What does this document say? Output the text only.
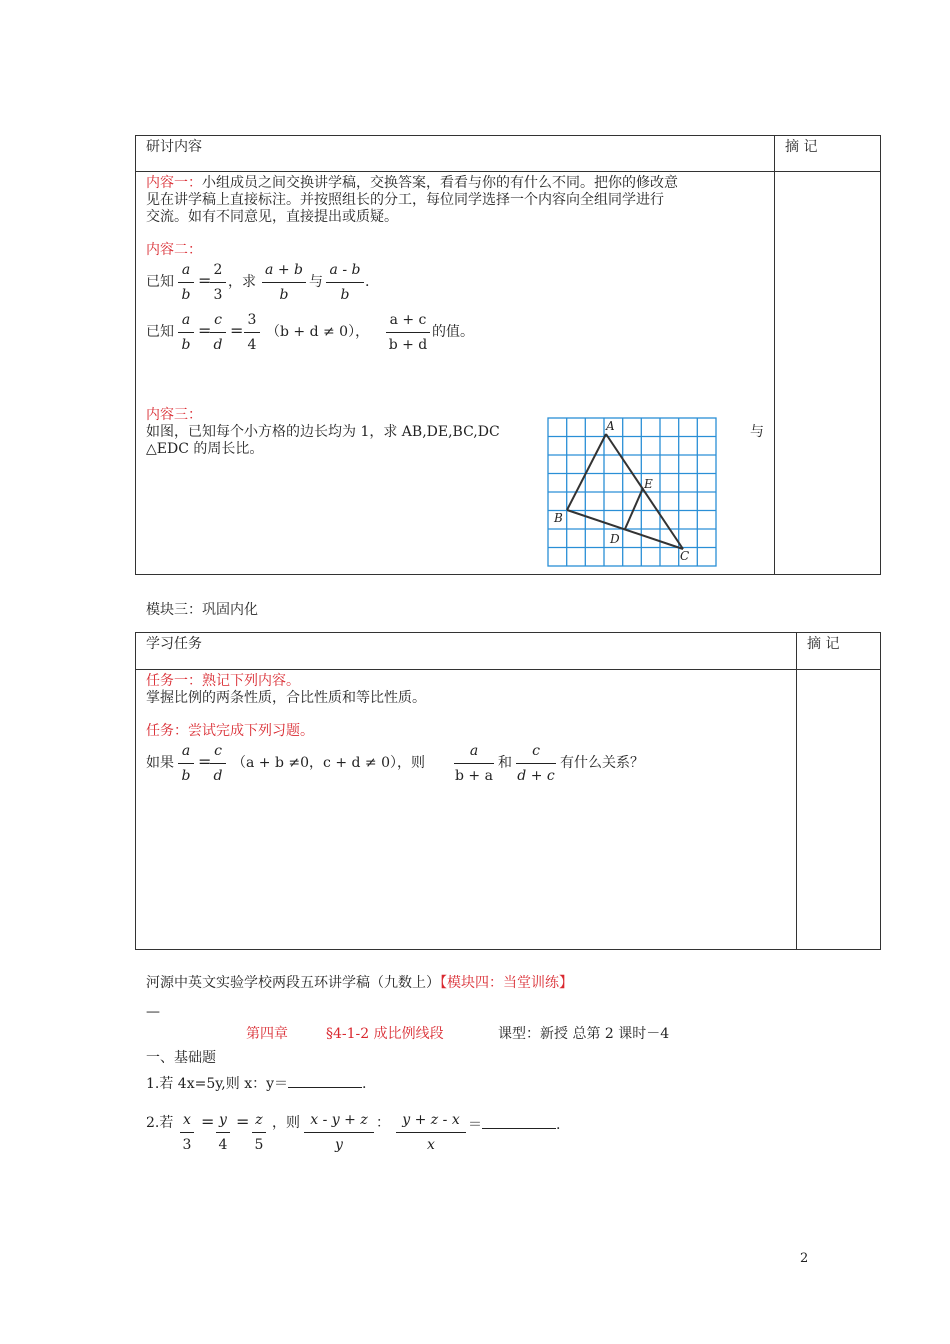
研讨内容	摘 记
内容一：小组成员之间交换讲学稿，交换答案，看看与你的有什么不同。把你的修改意
见在讲学稿上直接标注。并按照组长的分工，每位同学选择一个内容向全组同学进行
交流。如有不同意见，直接提出或质疑。
内容二：
已知
a
b
=
2
3
，求
a + b
b
与
a - b
b
.
已知
a
b
=
c
d
=
3
4
（b + d ≠ 0），
a + c
b + d
的值。
内容三：
如图，已知每个小方格的边长均为 1，求 AB,DE,BC,DC	与
△EDC 的周长比。
A
B
C
D
E
模块三：巩固内化
学习任务	摘 记
任务一：熟记下列内容。
掌握比例的两条性质，合比性质和等比性质。
任务：尝试完成下列习题。
如果
a
b
=
c
d
（a + b ≠0，c + d ≠ 0），则
a
b + a
和
c
d + c
有什么关系？
河源中英文实验学校两段五环讲学稿（九数上）【模块四：当堂训练】
—
第四章	§4-1-2 成比例线段	课型：新授 总第 2 课时－4
一、基础题
1.若 4x=5y,则 x：y＝	.
2.若 x
3
= y
4
= z
5
，则 x - y + z
y
： y + z - x
x
＝	.
2
